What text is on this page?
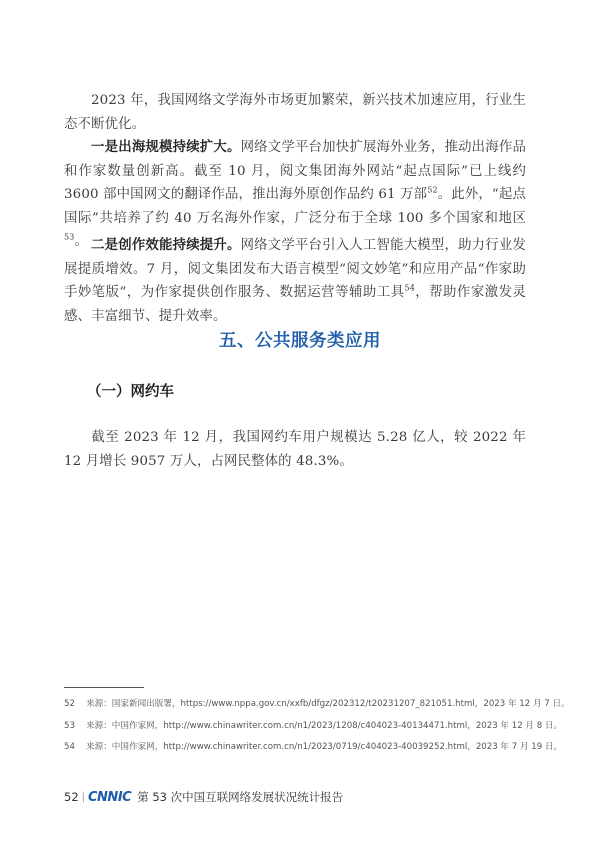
2023 年，我国网络文学海外市场更加繁荣，新兴技术加速应用，行业生态不断优化。

一是出海规模持续扩大。网络文学平台加快扩展海外业务，推动出海作品和作家数量创新高。截至 10 月，阅文集团海外网站“起点国际”已上线约 3600 部中国网文的翻译作品，推出海外原创作品约 61 万部$^{52}$。此外，“起点国际”共培养了约 40 万名海外作家，广泛分布于全球 100 多个国家和地区$^{53}$。 二是创作效能持续提升。网络文学平台引入人工智能大模型，助力行业发展提质增效。7 月，阅文集团发布大语言模型“阅文妙笔”和应用产品“作家助手妙笔版”，为作家提供创作服务、数据运营等辅助工具$^{54}$，帮助作家激发灵感、丰富细节、提升效率。

五、公共服务类应用
（一）网约车

截至 2023 年 12 月，我国网约车用户规模达 5.28 亿人，较 2022 年 12 月增长 9057 万人，占网民整体的 48.3%。

52 来源：国家新闻出版署，https://www.nppa.gov.cn/xxfb/dfgz/202312/t20231207_821051.html，2023 年 12 月 7 日。
53 来源：中国作家网，http://www.chinawriter.com.cn/n1/2023/1208/c404023-40134471.html，2023 年 12 月 8 日。
54 来源：中国作家网，http://www.chinawriter.com.cn/n1/2023/0719/c404023-40039252.html，2023 年 7 月 19 日。
52 | CNNIC 第 53 次中国互联网络发展状况统计报告
